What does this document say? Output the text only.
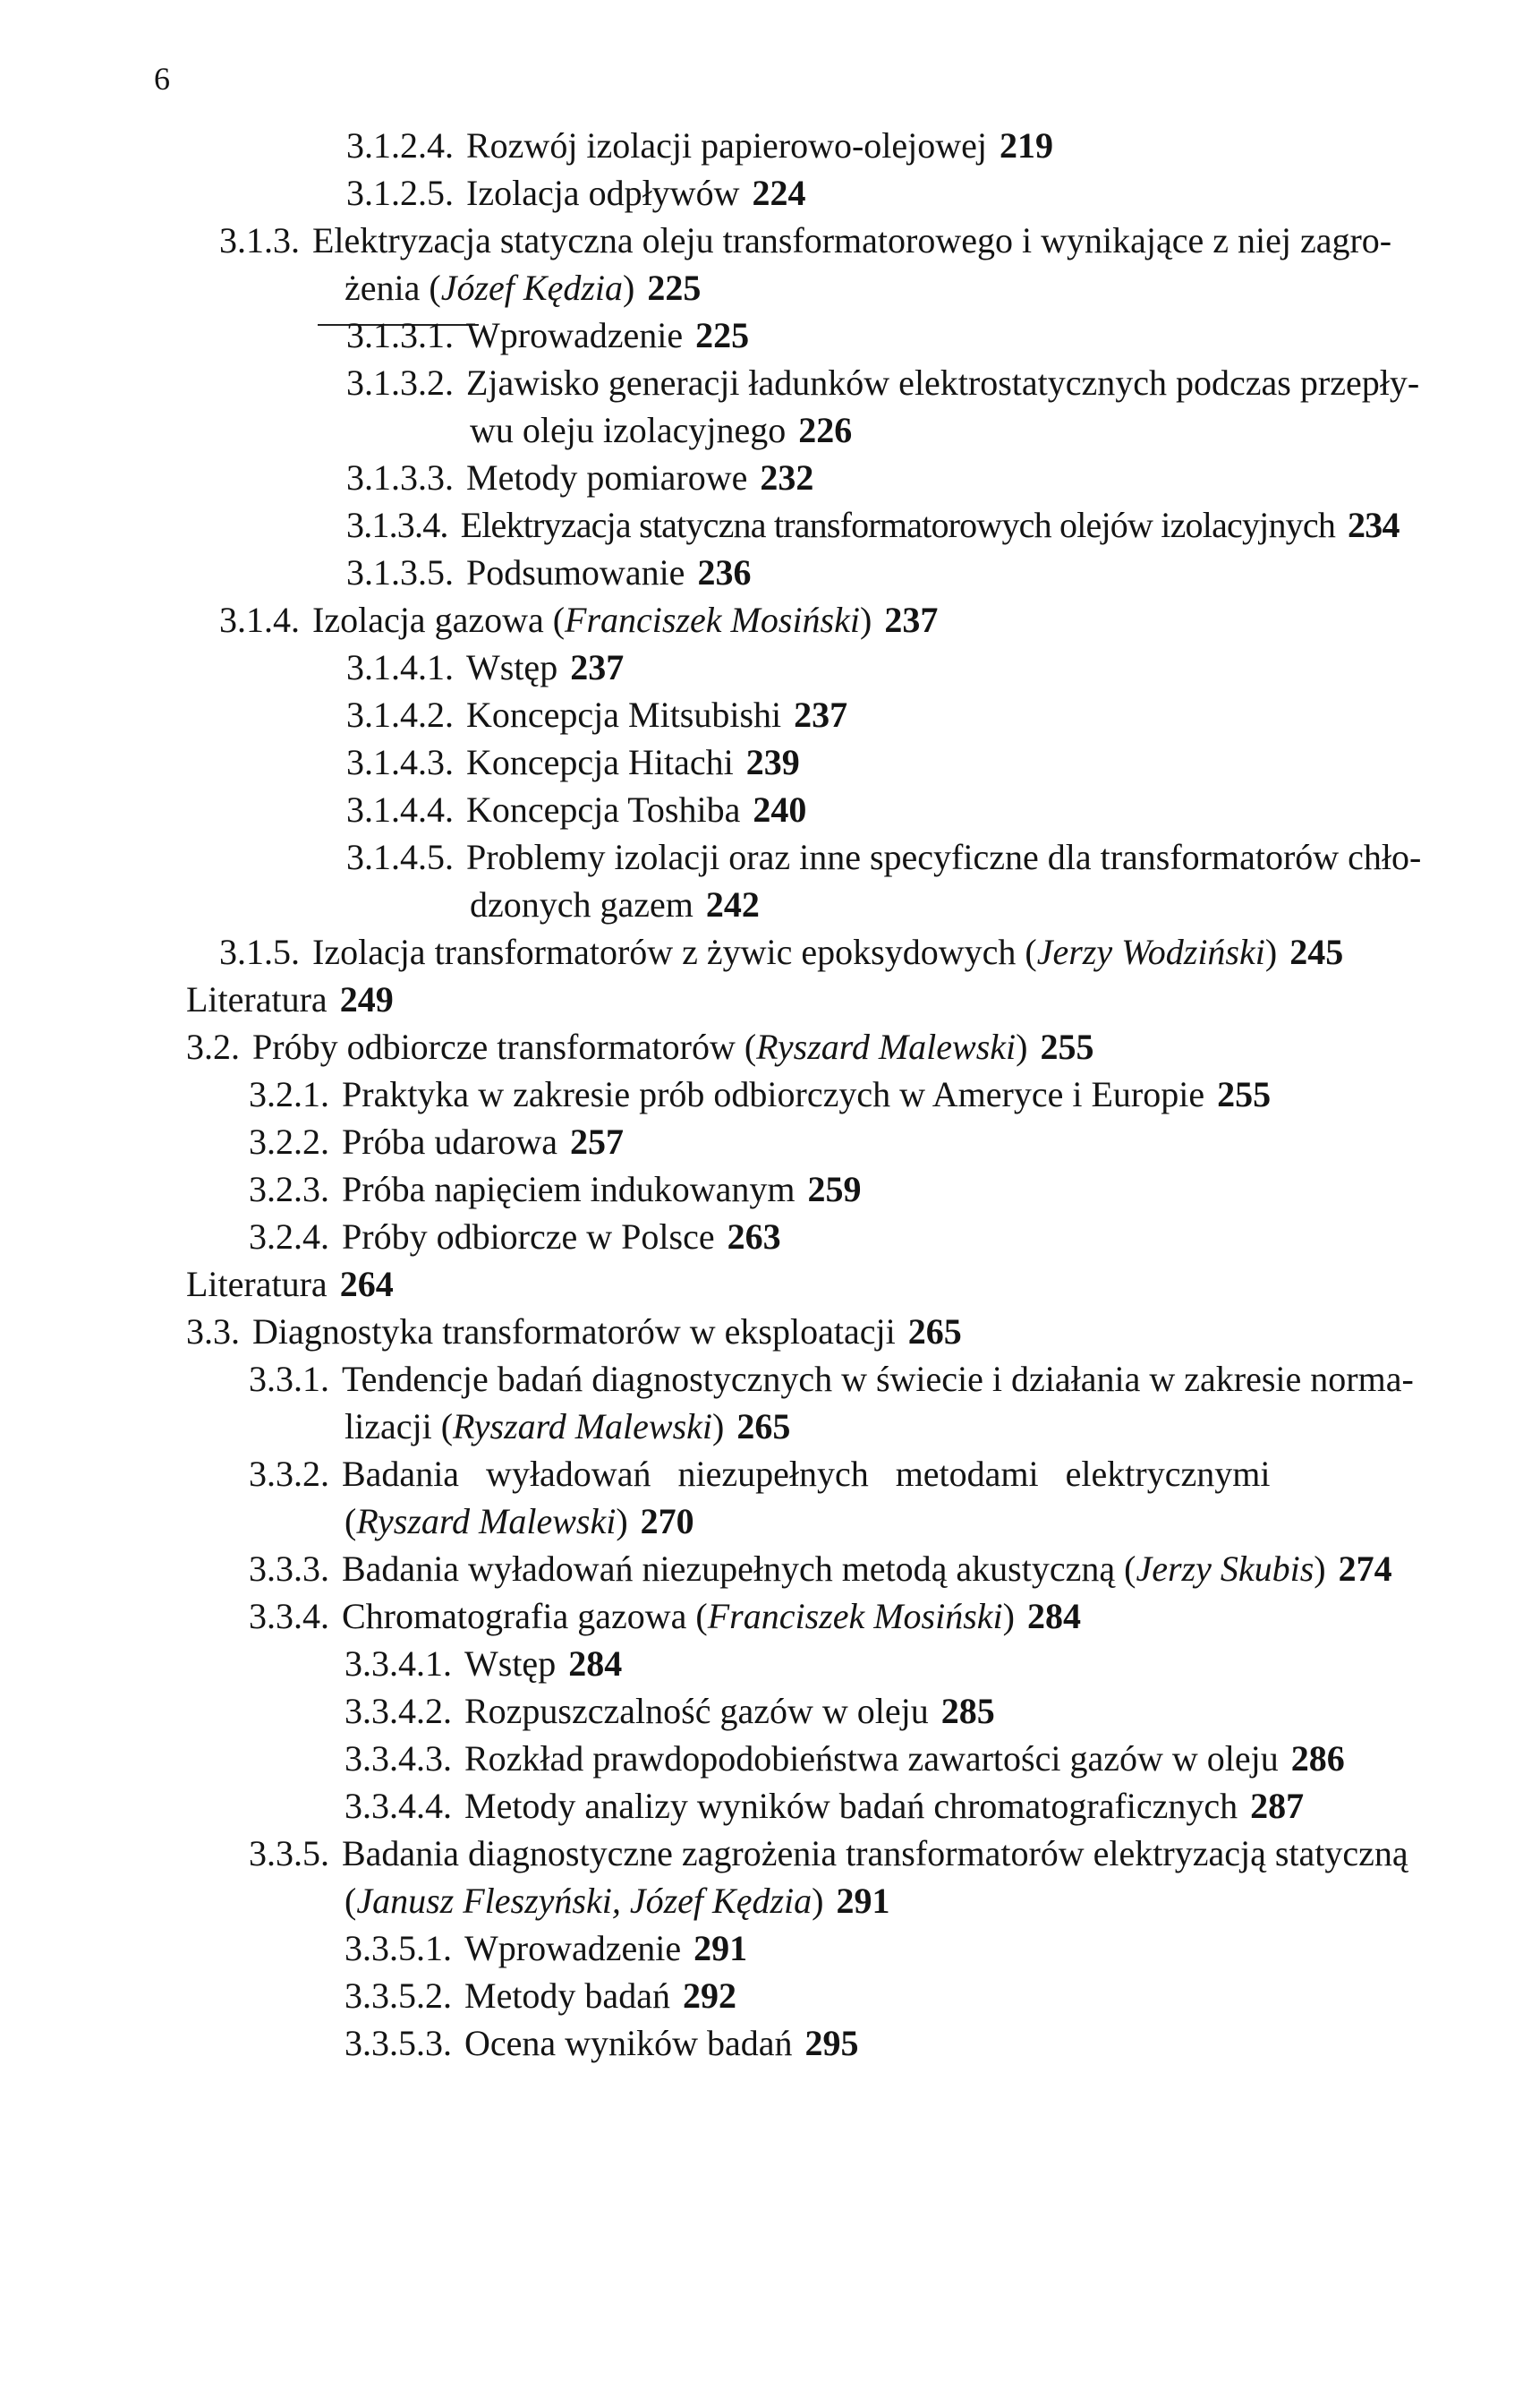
6
3.1.2.4. Rozwój izolacji papierowo-olejowej 219
3.1.2.5. Izolacja odpływów 224
3.1.3. Elektryzacja statyczna oleju transformatorowego i wynikające z niej zagro-
żenia (Józef Kędzia) 225
3.1.3.1. Wprowadzenie 225
3.1.3.2. Zjawisko generacji ładunków elektrostatycznych podczas przepły-
wu oleju izolacyjnego 226
3.1.3.3. Metody pomiarowe 232
3.1.3.4. Elektryzacja statyczna transformatorowych olejów izolacyjnych 234
3.1.3.5. Podsumowanie 236
3.1.4. Izolacja gazowa (Franciszek Mosiński) 237
3.1.4.1. Wstęp 237
3.1.4.2. Koncepcja Mitsubishi 237
3.1.4.3. Koncepcja Hitachi 239
3.1.4.4. Koncepcja Toshiba 240
3.1.4.5. Problemy izolacji oraz inne specyficzne dla transformatorów chło-
dzonych gazem 242
3.1.5. Izolacja transformatorów z żywic epoksydowych (Jerzy Wodziński) 245
Literatura 249
3.2. Próby odbiorcze transformatorów (Ryszard Malewski) 255
3.2.1. Praktyka w zakresie prób odbiorczych w Ameryce i Europie 255
3.2.2. Próba udarowa 257
3.2.3. Próba napięciem indukowanym 259
3.2.4. Próby odbiorcze w Polsce 263
Literatura 264
3.3. Diagnostyka transformatorów w eksploatacji 265
3.3.1. Tendencje badań diagnostycznych w świecie i działania w zakresie norma-
lizacji (Ryszard Malewski) 265
3.3.2. Badania wyładowań niezupełnych metodami elektrycznymi
(Ryszard Malewski) 270
3.3.3. Badania wyładowań niezupełnych metodą akustyczną (Jerzy Skubis) 274
3.3.4. Chromatografia gazowa (Franciszek Mosiński) 284
3.3.4.1. Wstęp 284
3.3.4.2. Rozpuszczalność gazów w oleju 285
3.3.4.3. Rozkład prawdopodobieństwa zawartości gazów w oleju 286
3.3.4.4. Metody analizy wyników badań chromatograficznych 287
3.3.5. Badania diagnostyczne zagrożenia transformatorów elektryzacją statyczną
(Janusz Fleszyński, Józef Kędzia) 291
3.3.5.1. Wprowadzenie 291
3.3.5.2. Metody badań 292
3.3.5.3. Ocena wyników badań 295
